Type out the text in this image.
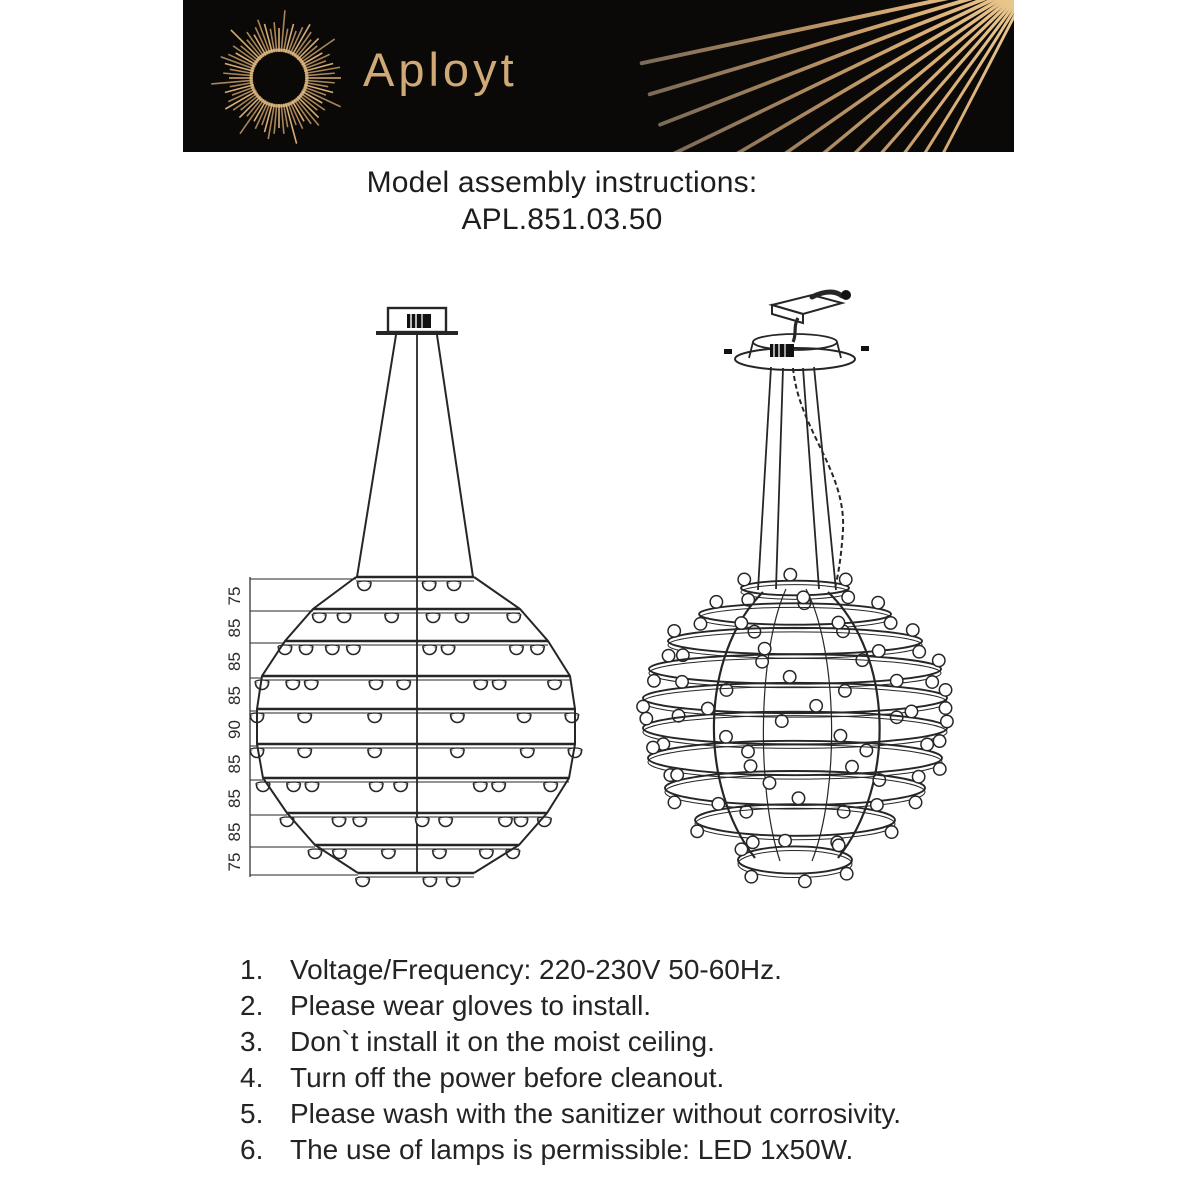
Aployt
Model assembly instructions:
APL.851.03.50
75
85
85
85
90
85
85
85
75
1. Voltage/Frequency: 220-230V 50-60Hz.
2. Please wear gloves to install.
3. Don`t install it on the moist ceiling.
4. Turn off the power before cleanout.
5. Please wash with the sanitizer without corrosivity.
6. The use of lamps is permissible: LED 1x50W.
